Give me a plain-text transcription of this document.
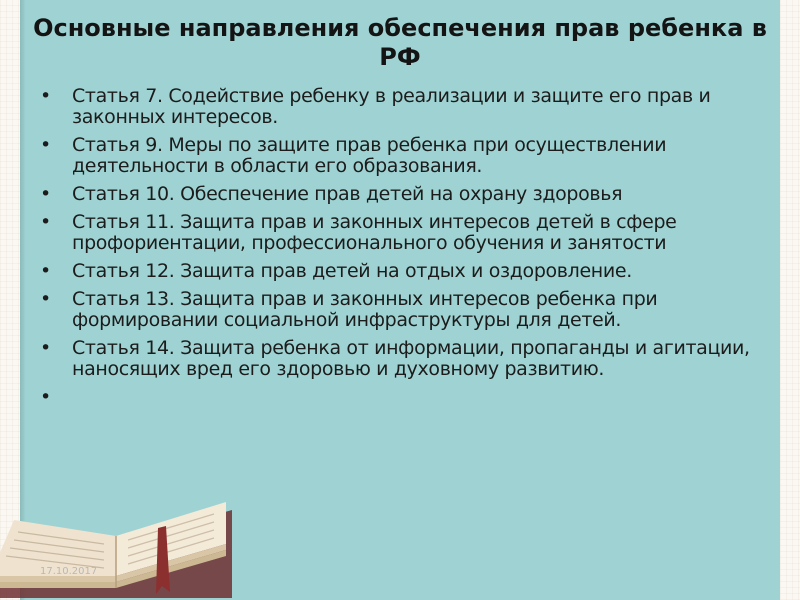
Основные направления обеспечения прав ребенка в РФ
• Статья 7. Содействие ребенку в реализации и защите его прав и законных интересов.
• Статья 9. Меры по защите прав ребенка при осуществлении деятельности в области его образования.
• Статья 10. Обеспечение прав детей на охрану здоровья
• Статья 11. Защита прав и законных интересов детей в сфере профориентации, профессионального обучения и занятости
• Статья 12. Защита прав детей на отдых и оздоровление.
• Статья 13. Защита прав и законных интересов ребенка при формировании социальной инфраструктуры для детей.
• Статья 14. Защита ребенка от информации, пропаганды и агитации, наносящих вред его здоровью и духовному развитию.
•
17.10.2017
